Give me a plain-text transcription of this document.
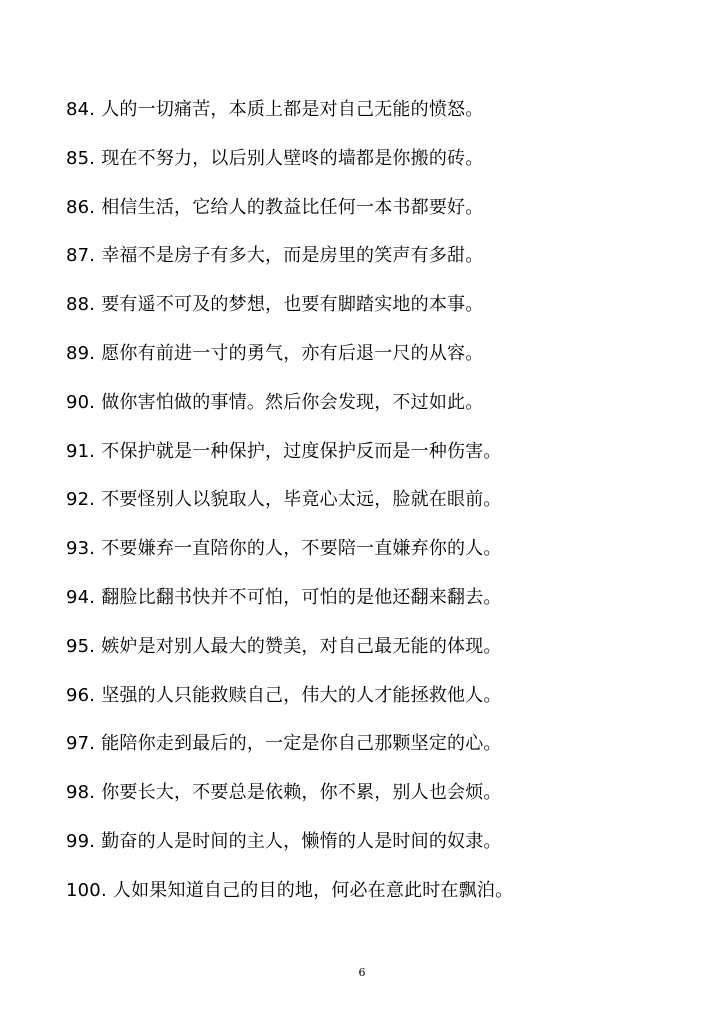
84. 人的一切痛苦，本质上都是对自己无能的愤怒。
85. 现在不努力，以后别人壁咚的墙都是你搬的砖。
86. 相信生活，它给人的教益比任何一本书都要好。
87. 幸福不是房子有多大，而是房里的笑声有多甜。
88. 要有遥不可及的梦想，也要有脚踏实地的本事。
89. 愿你有前进一寸的勇气，亦有后退一尺的从容。
90. 做你害怕做的事情。然后你会发现，不过如此。
91. 不保护就是一种保护，过度保护反而是一种伤害。
92. 不要怪别人以貌取人，毕竟心太远，脸就在眼前。
93. 不要嫌弃一直陪你的人，不要陪一直嫌弃你的人。
94. 翻脸比翻书快并不可怕，可怕的是他还翻来翻去。
95. 嫉妒是对别人最大的赞美，对自己最无能的体现。
96. 坚强的人只能救赎自己，伟大的人才能拯救他人。
97. 能陪你走到最后的，一定是你自己那颗坚定的心。
98. 你要长大，不要总是依赖，你不累，别人也会烦。
99. 勤奋的人是时间的主人，懒惰的人是时间的奴隶。
100. 人如果知道自己的目的地，何必在意此时在飘泊。
6
